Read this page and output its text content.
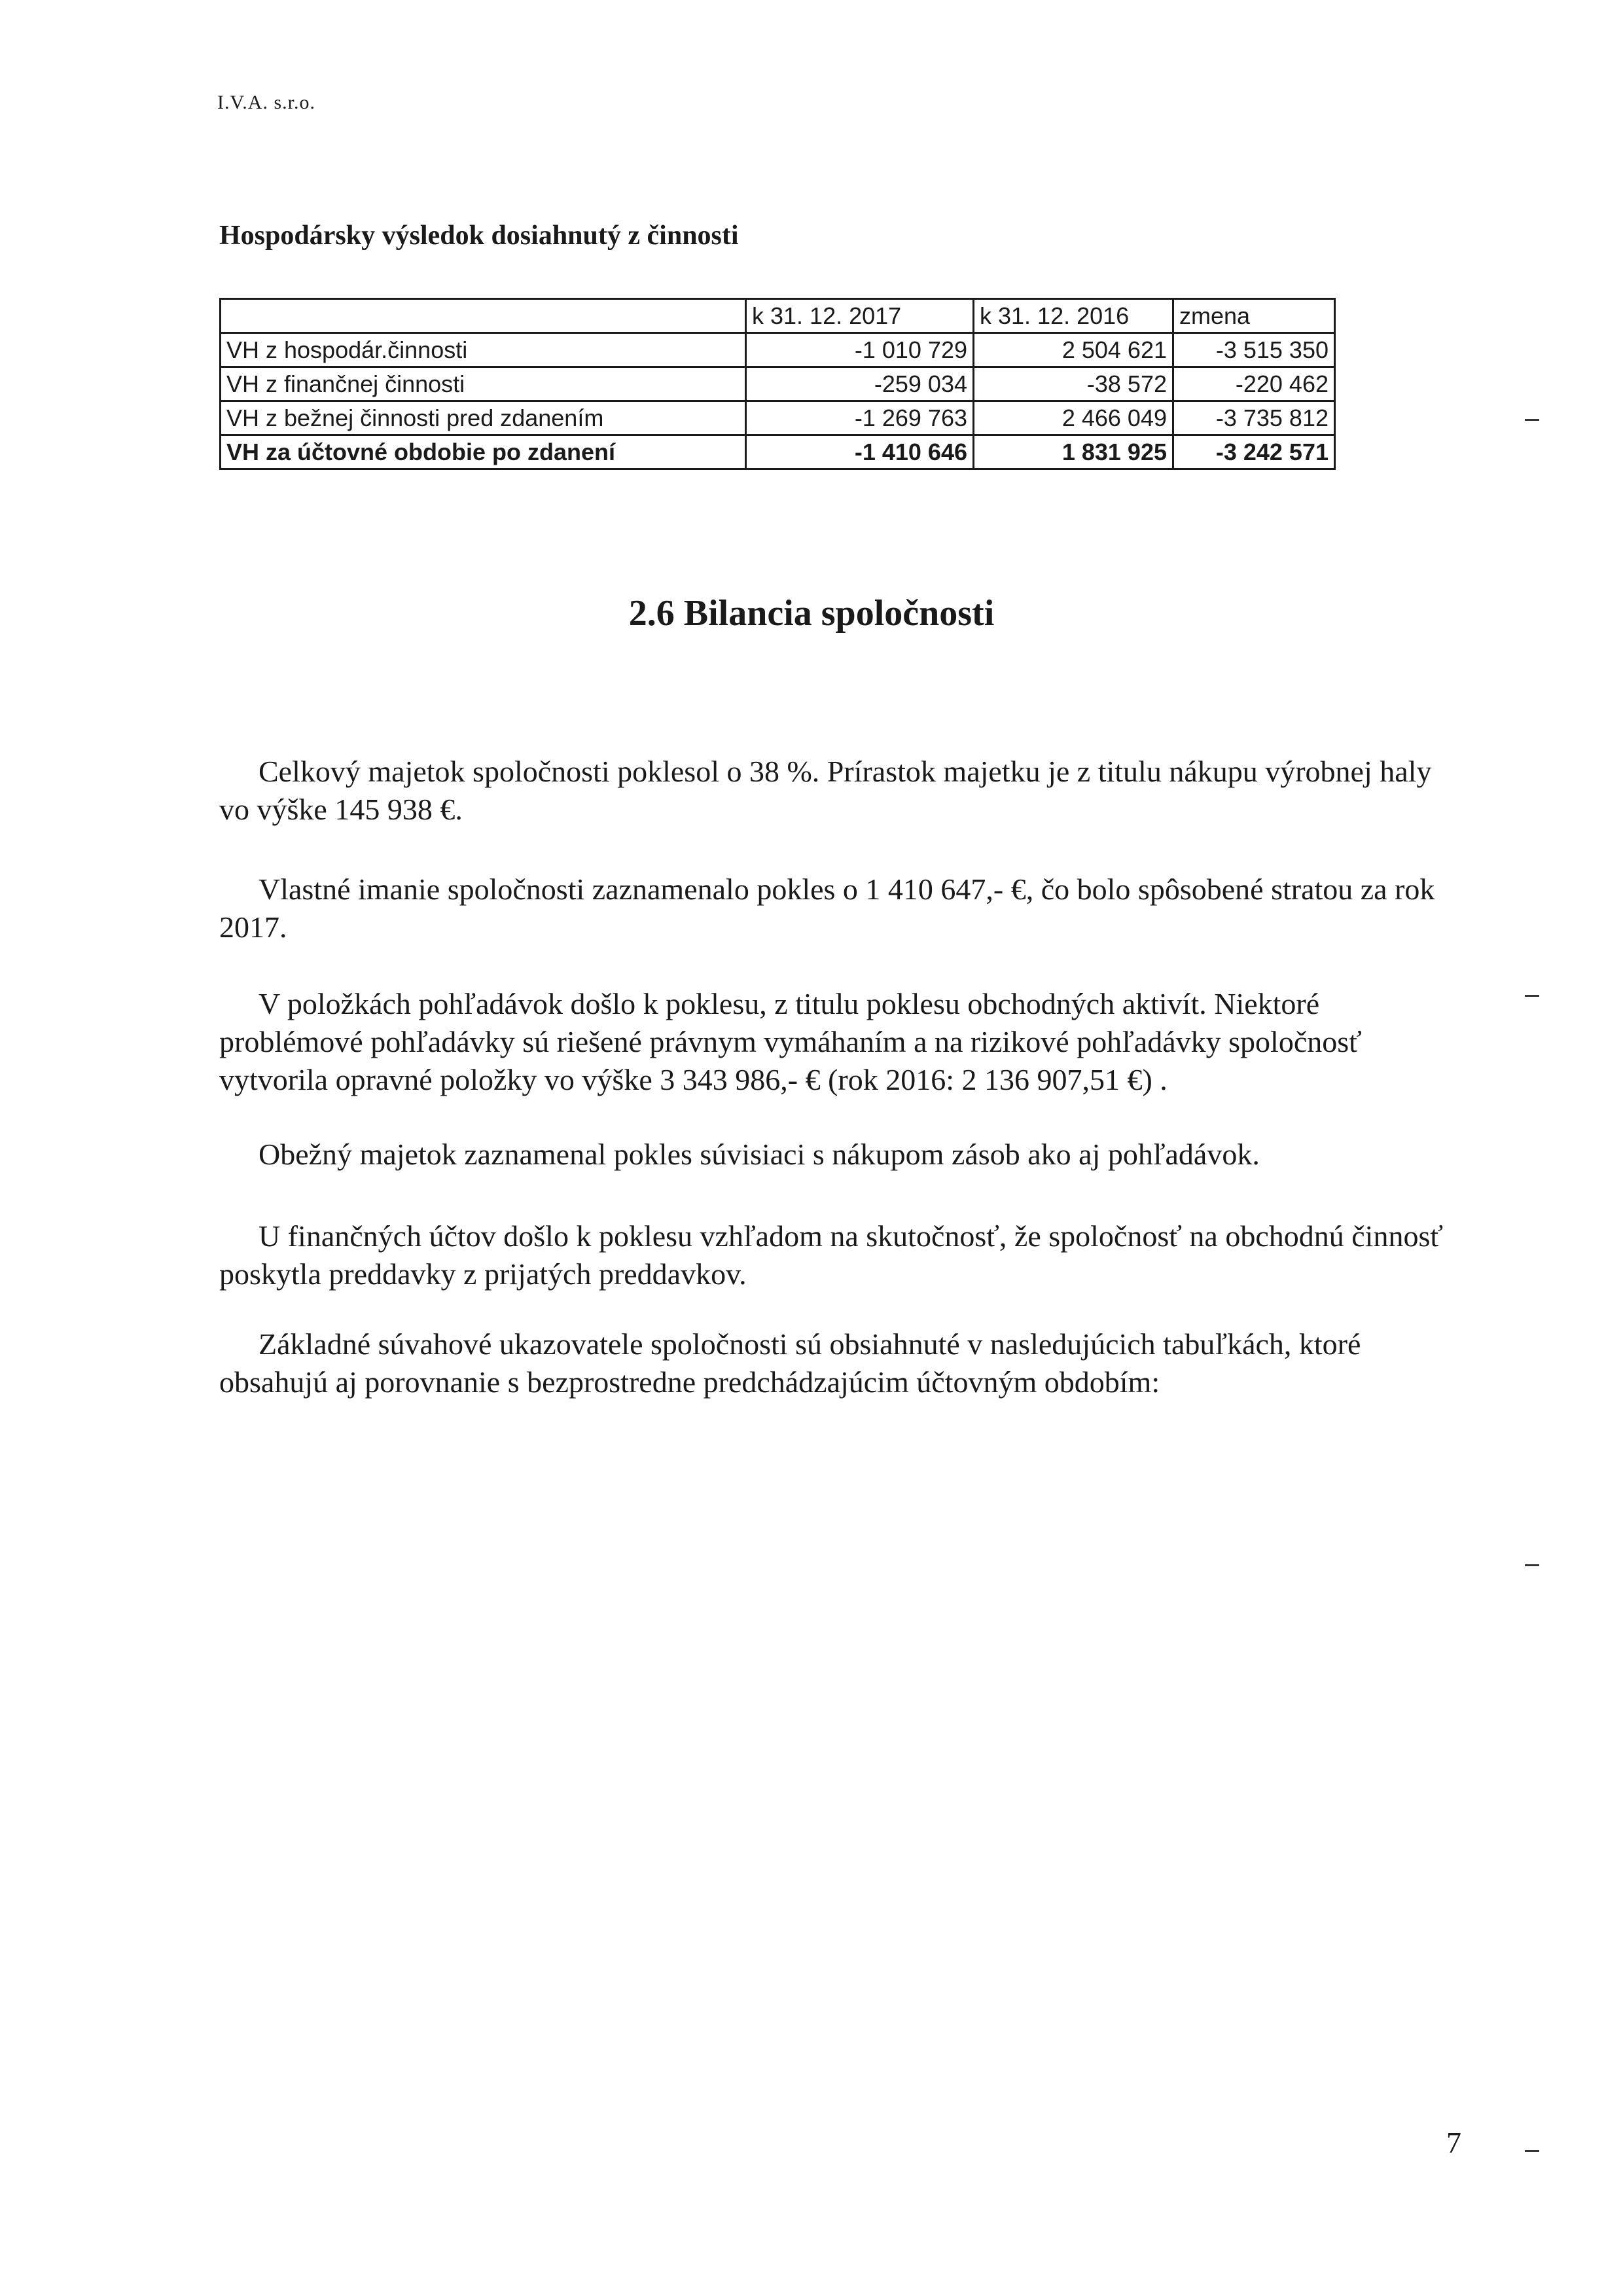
I.V.A. s.r.o.
Hospodársky výsledok dosiahnutý z činnosti
	k 31. 12. 2017	k 31. 12. 2016	zmena
VH z hospodár.činnosti	-1 010 729	2 504 621	-3 515 350
VH z finančnej činnosti	-259 034	-38 572	-220 462
VH z bežnej činnosti pred zdanením	-1 269 763	2 466 049	-3 735 812
VH za účtovné obdobie po zdanení	-1 410 646	1 831 925	-3 242 571
2.6 Bilancia spoločnosti
Celkový majetok spoločnosti poklesol o 38 %. Prírastok majetku je z titulu nákupu výrobnej haly vo výške 145 938 €.
Vlastné imanie spoločnosti zaznamenalo pokles o 1 410 647,- €, čo bolo spôsobené stratou za rok 2017.
V položkách pohľadávok došlo k poklesu, z titulu poklesu obchodných aktivít. Niektoré problémové pohľadávky sú riešené právnym vymáhaním a na rizikové pohľadávky spoločnosť vytvorila opravné položky vo výške 3 343 986,- € (rok 2016: 2 136 907,51 €) .
Obežný majetok zaznamenal pokles súvisiaci s nákupom zásob ako aj pohľadávok.
U finančných účtov došlo k poklesu vzhľadom na skutočnosť, že spoločnosť na obchodnú činnosť poskytla preddavky z prijatých preddavkov.
Základné súvahové ukazovatele spoločnosti sú obsiahnuté v nasledujúcich tabuľkách, ktoré obsahujú aj porovnanie s bezprostredne predchádzajúcim účtovným obdobím:
7
